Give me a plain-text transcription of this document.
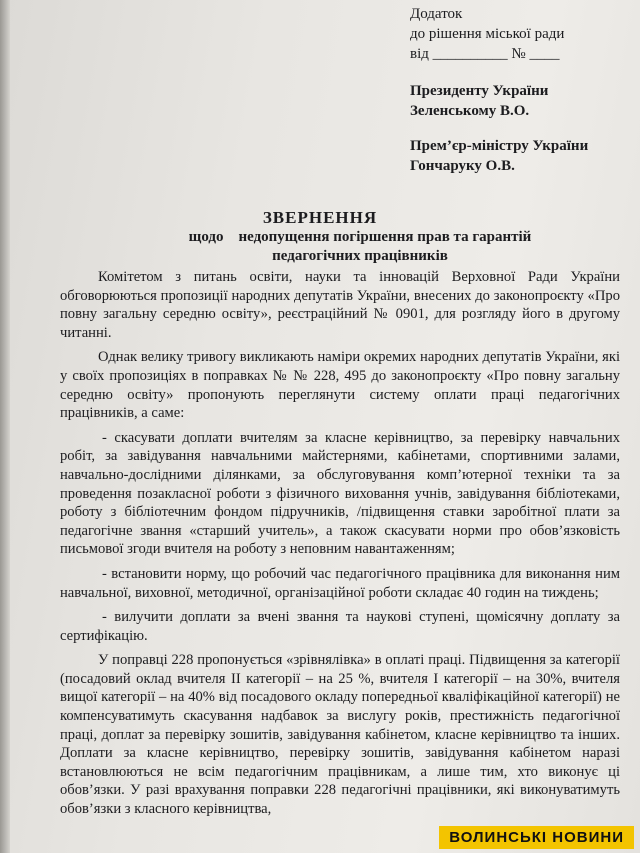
Додаток
до рішення міської ради
від __________ № ____
Президенту України
Зеленському В.О.
Прем’єр-міністру України
Гончаруку О.В.
ЗВЕРНЕННЯ
щодо    недопущення погіршення прав та гарантій
педагогічних працівників

Комітетом з питань освіти, науки та інновацій Верховної Ради України обговорюються пропозиції народних депутатів України, внесених до законопроєкту «Про повну загальну середню освіту», реєстраційний № 0901, для розгляду його в другому читанні.

Однак велику тривогу викликають наміри окремих народних депутатів України, які у своїх пропозиціях в поправках № № 228, 495 до законопроєкту «Про повну загальну середню освіту» пропонують переглянути систему оплати праці педагогічних працівників, а саме:

- скасувати доплати вчителям за класне керівництво, за перевірку навчальних робіт, за завідування навчальними майстернями, кабінетами, спортивними залами, навчально-дослідними ділянками, за обслуговування комп’ютерної техніки та за проведення позакласної роботи з фізичного виховання учнів, завідування бібліотеками, роботу з бібліотечним фондом підручників, /підвищення ставки заробітної плати за педагогічне звання «старший учитель», а також скасувати норми про обов’язковість письмової згоди вчителя на роботу з неповним навантаженням;

- встановити норму, що робочий час педагогічного працівника для виконання ним навчальної, виховної, методичної, організаційної роботи складає 40 годин на тиждень;

- вилучити доплати за вчені звання та наукові ступені, щомісячну доплату за сертифікацію.

У поправці 228 пропонується «зрівнялівка» в оплаті праці. Підвищення за категорії (посадовий оклад вчителя ІІ категорії – на 25 %, вчителя І категорії – на 30%, вчителя вищої категорії – на 40% від посадового окладу попередньої кваліфікаційної категорії) не компенсуватимуть скасування надбавок за вислугу років, престижність педагогічної праці, доплат за перевірку зошитів, завідування кабінетом, класне керівництво та інших. Доплати за класне керівництво, перевірку зошитів, завідування кабінетом наразі встановлюються не всім педагогічним працівникам, а лише тим, хто виконує ці обов’язки. У разі врахування поправки 228 педагогічні працівники, які виконуватимуть обов’язки з класного керівництва,

ВОЛИНСЬКІ НОВИНИ
